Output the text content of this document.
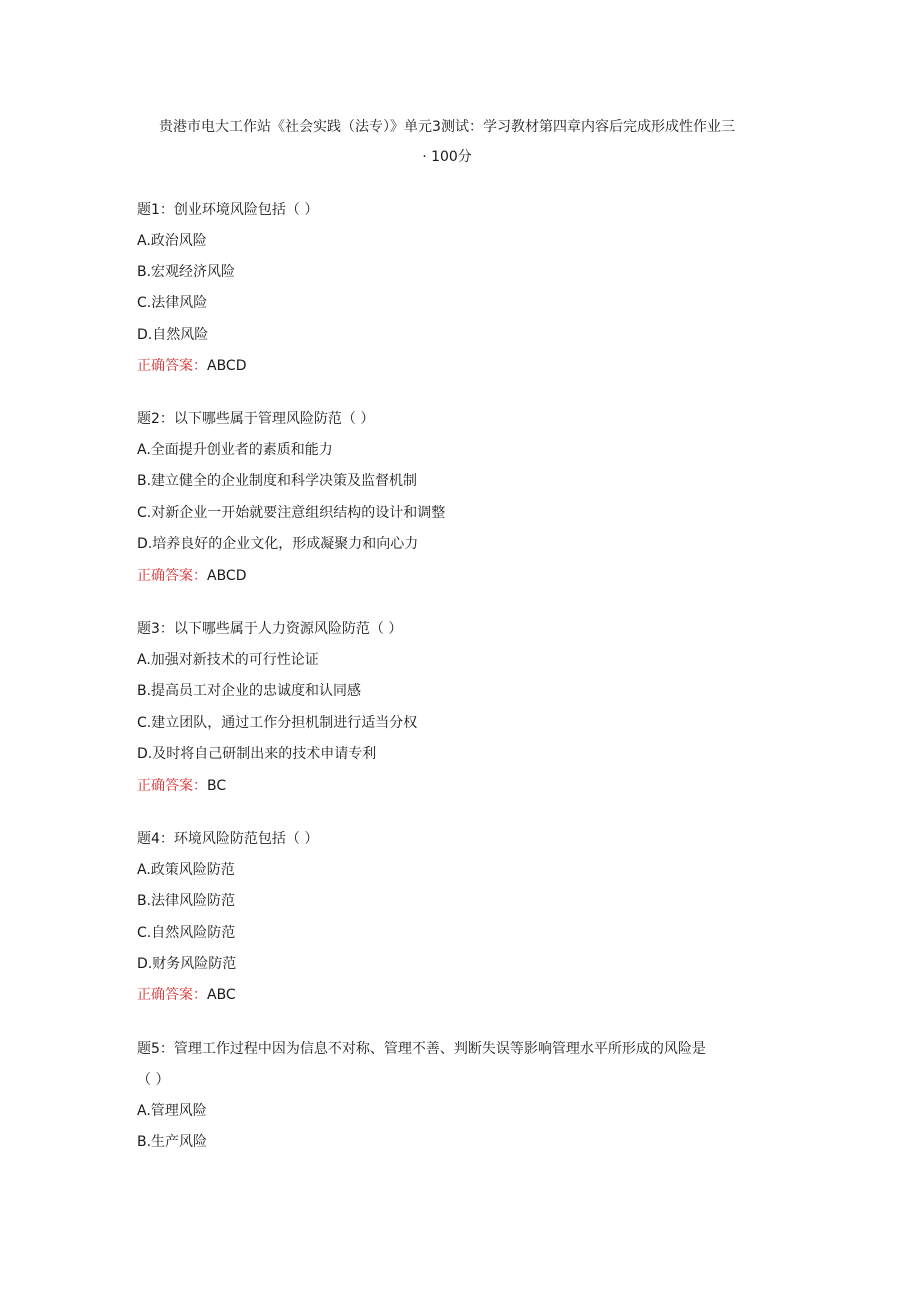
贵港市电大工作站《社会实践（法专）》单元3测试：学习教材第四章内容后完成形成性作业三
· 100分
题1：创业环境风险包括（ ）
A.政治风险
B.宏观经济风险
C.法律风险
D.自然风险
正确答案：ABCD
题2：以下哪些属于管理风险防范（ ）
A.全面提升创业者的素质和能力
B.建立健全的企业制度和科学决策及监督机制
C.对新企业一开始就要注意组织结构的设计和调整
D.培养良好的企业文化，形成凝聚力和向心力
正确答案：ABCD
题3：以下哪些属于人力资源风险防范（ ）
A.加强对新技术的可行性论证
B.提高员工对企业的忠诚度和认同感
C.建立团队，通过工作分担机制进行适当分权
D.及时将自己研制出来的技术申请专利
正确答案：BC
题4：环境风险防范包括（ ）
A.政策风险防范
B.法律风险防范
C.自然风险防范
D.财务风险防范
正确答案：ABC
题5：管理工作过程中因为信息不对称、管理不善、判断失误等影响管理水平所形成的风险是
（ ）
A.管理风险
B.生产风险
